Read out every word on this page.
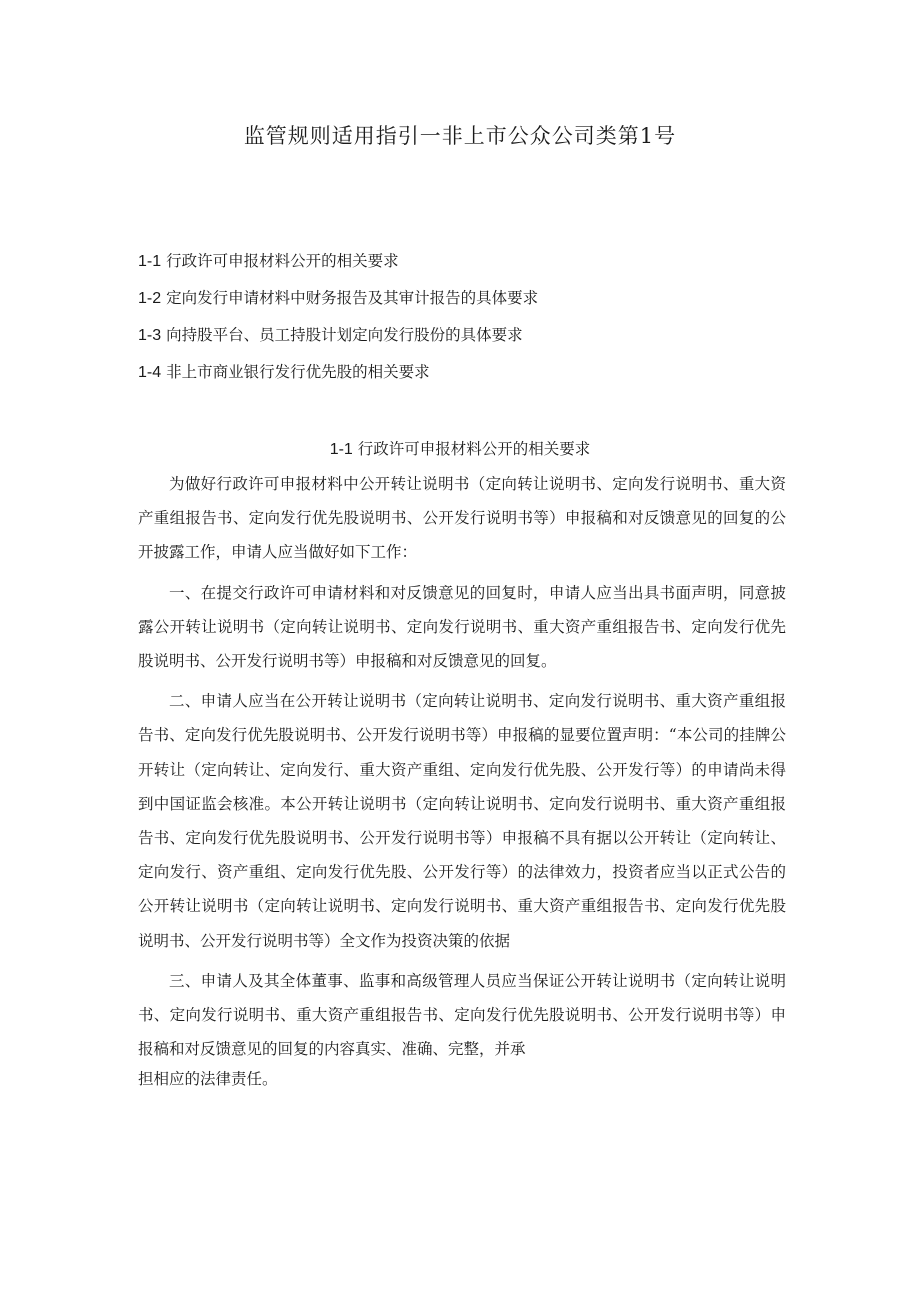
监管规则适用指引一非上市公众公司类第1号
1-1 行政许可申报材料公开的相关要求
1-2 定向发行申请材料中财务报告及其审计报告的具体要求
1-3 向持股平台、员工持股计划定向发行股份的具体要求
1-4 非上市商业银行发行优先股的相关要求
1-1 行政许可申报材料公开的相关要求

为做好行政许可申报材料中公开转让说明书（定向转让说明书、定向发行说明书、重大资产重组报告书、定向发行优先股说明书、公开发行说明书等）申报稿和对反馈意见的回复的公开披露工作，申请人应当做好如下工作：

一、在提交行政许可申请材料和对反馈意见的回复时，申请人应当出具书面声明，同意披露公开转让说明书（定向转让说明书、定向发行说明书、重大资产重组报告书、定向发行优先股说明书、公开发行说明书等）申报稿和对反馈意见的回复。

二、申请人应当在公开转让说明书（定向转让说明书、定向发行说明书、重大资产重组报告书、定向发行优先股说明书、公开发行说明书等）申报稿的显要位置声明：“本公司的挂牌公开转让（定向转让、定向发行、重大资产重组、定向发行优先股、公开发行等）的申请尚未得到中国证监会核准。本公开转让说明书（定向转让说明书、定向发行说明书、重大资产重组报告书、定向发行优先股说明书、公开发行说明书等）申报稿不具有据以公开转让（定向转让、定向发行、资产重组、定向发行优先股、公开发行等）的法律效力，投资者应当以正式公告的公开转让说明书（定向转让说明书、定向发行说明书、重大资产重组报告书、定向发行优先股说明书、公开发行说明书等）全文作为投资决策的依据

三、申请人及其全体董事、监事和高级管理人员应当保证公开转让说明书（定向转让说明书、定向发行说明书、重大资产重组报告书、定向发行优先股说明书、公开发行说明书等）申报稿和对反馈意见的回复的内容真实、准确、完整，并承
担相应的法律责任。
